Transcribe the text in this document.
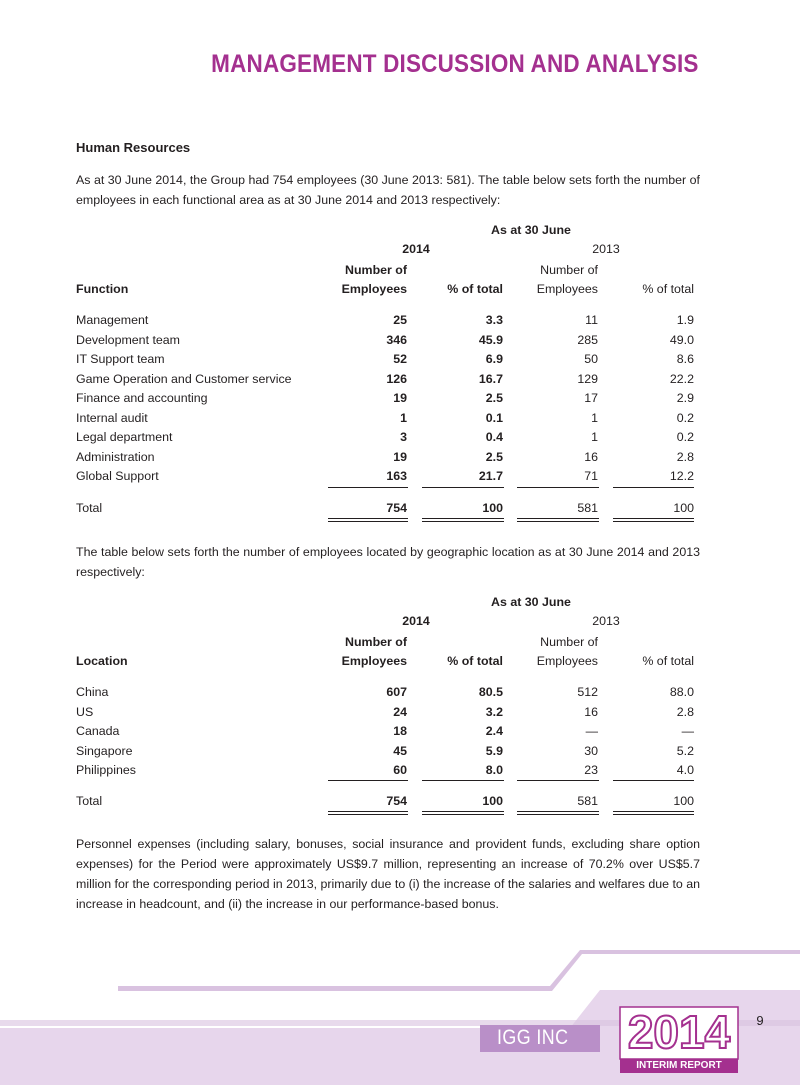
MANAGEMENT DISCUSSION AND ANALYSIS
Human Resources
As at 30 June 2014, the Group had 754 employees (30 June 2013: 581). The table below sets forth the number of employees in each functional area as at 30 June 2014 and 2013 respectively:
As at 30 June
2014	2013
Number of	Number of
Function	Employees	% of total	Employees	% of total
Management	25	3.3	11	1.9
Development team	346	45.9	285	49.0
IT Support team	52	6.9	50	8.6
Game Operation and Customer service	126	16.7	129	22.2
Finance and accounting	19	2.5	17	2.9
Internal audit	1	0.1	1	0.2
Legal department	3	0.4	1	0.2
Administration	19	2.5	16	2.8
Global Support	163	21.7	71	12.2
Total	754	100	581	100
The table below sets forth the number of employees located by geographic location as at 30 June 2014 and 2013 respectively:
As at 30 June
2014	2013
Number of	Number of
Location	Employees	% of total	Employees	% of total
China	607	80.5	512	88.0
US	24	3.2	16	2.8
Canada	18	2.4	—	—
Singapore	45	5.9	30	5.2
Philippines	60	8.0	23	4.0
Total	754	100	581	100
Personnel expenses (including salary, bonuses, social insurance and provident funds, excluding share option expenses) for the Period were approximately US$9.7 million, representing an increase of 70.2% over US$5.7 million for the corresponding period in 2013, primarily due to (i) the increase of the salaries and welfares due to an increase in headcount, and (ii) the increase in our performance-based bonus.
IGG INC 2014
INTERIM REPORT
9
